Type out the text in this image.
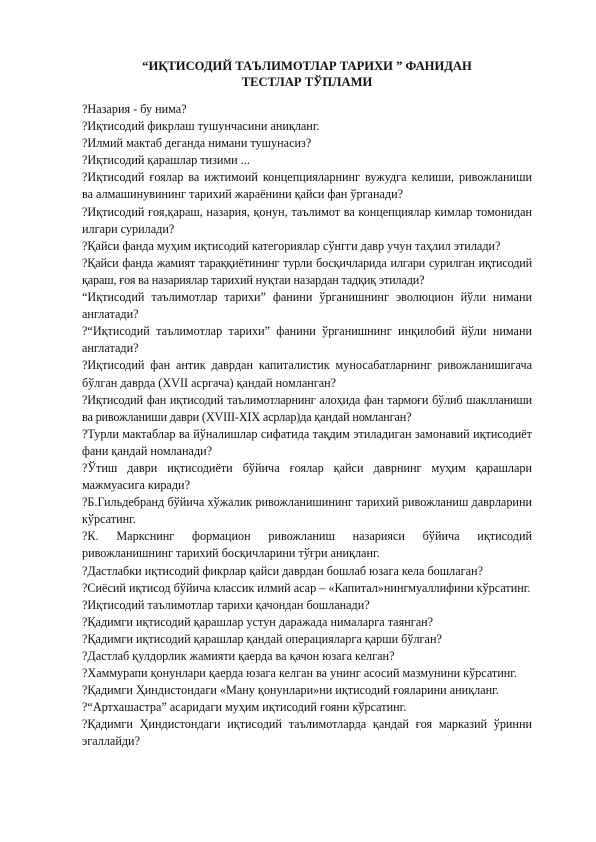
“ИҚТИСОДИЙ ТАЪЛИМОТЛАР ТАРИХИ ” ФАНИДАН
ТЕСТЛАР ТЎПЛАМИ
?Назария - бу нима?
?Иқтисодий фикрлаш тушунчасини аниқланг.
?Илмий мактаб деганда нимани тушунасиз?
?Иқтисодий қарашлар тизими ...
?Иқтисодий ғоялар ва ижтимоий концепцияларнинг вужудга келиши, ривожланиши ва алмашинувининг тарихий жараёнини қайси фан ўрганади?
?Иқтисодий ғоя,қараш, назария, қонун, таълимот ва концепциялар кимлар томонидан илгари сурилади?
?Қайси фанда муҳим иқтисодий категориялар сўнгги давр учун таҳлил этилади?
?Қайси фанда жамият тараққиётининг турли босқичларида илгари сурилган иқтисодий қараш, ғоя ва назариялар тарихий нуқтаи назардан тадқиқ этилади?
“Иқтисодий таълимотлар тарихи” фанини ўрганишнинг эволюцион йўли нимани англатади?
?“Иқтисодий таълимотлар тарихи” фанини ўрганишнинг инқилобий йўли нимани англатади?
?Иқтисодий фан антик даврдан капиталистик муносабатларнинг ривожланишигача бўлган даврда (XVII асргача) қандай номланган?
?Иқтисодий фан иқтисодий таълимотларнинг алоҳида фан тармоғи бўлиб шаклланиши ва ривожланиши даври (XVIII-XIX асрлар)да қандай номланган?
?Турли мактаблар ва йўналишлар сифатида тақдим этиладиган замонавий иқтисодиёт фани қандай номланади?
?Ўтиш даври иқтисодиёти бўйича ғоялар қайси даврнинг муҳим қарашлари мажмуасига киради?
?Б.Гильдебранд бўйича хўжалик ривожланишининг тарихий ривожланиш даврларини кўрсатинг.
?К. Маркснинг формацион ривожланиш назарияси бўйича иқтисодий ривожланишнинг тарихий босқичларини тўғри аниқланг.
?Дастлабки иқтисодий фикрлар қайси даврдан бошлаб юзага кела бошлаган?
?Сиёсий иқтисод бўйича классик илмий асар – «Капитал»нингмуаллифини кўрсатинг.
?Иқтисодий таълимотлар тарихи қачондан бошланади?
?Қадимги иқтисодий қарашлар устун даражада нималарга таянган?
?Қадимги иқтисодий қарашлар қандай операцияларга қарши бўлган?
?Дастлаб қулдорлик жамияти қаерда ва қачон юзага келган?
?Хаммурапи қонунлари қаерда юзага келган ва унинг асосий мазмунини кўрсатинг.
?Қадимги Ҳиндистондаги «Ману қонунлари»ни иқтисодий ғояларини аниқланг.
?“Артхашастра” асаридаги муҳим иқтисодий ғояни кўрсатинг.
?Қадимги Ҳиндистондаги иқтисодий таълимотларда қандай ғоя марказий ўринни эгаллайди?
